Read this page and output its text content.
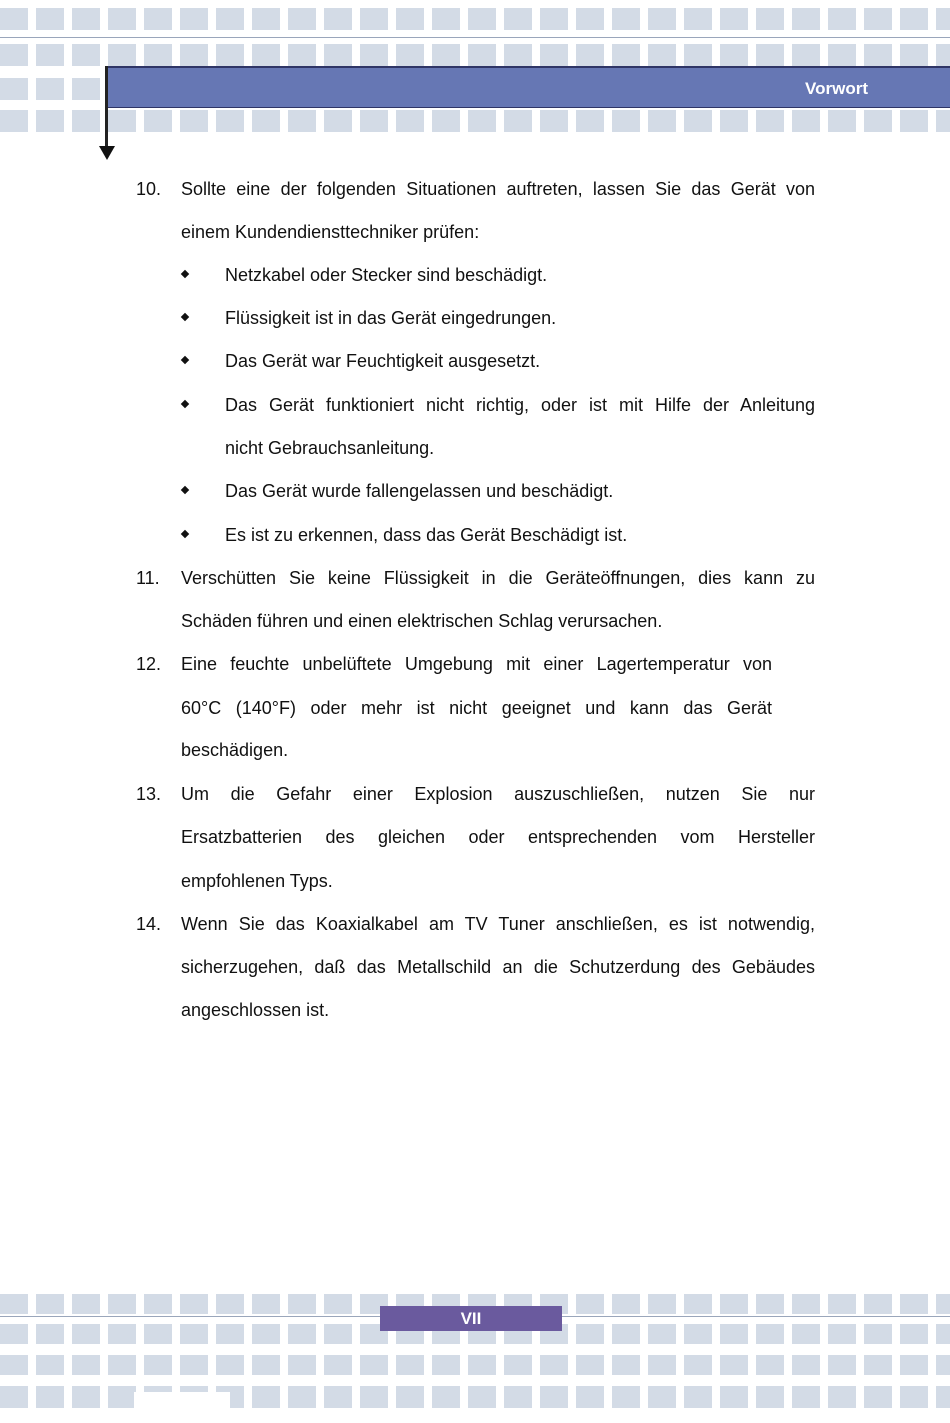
Vorwort
10. Sollte eine der folgenden Situationen auftreten, lassen Sie das Gerät von
einem Kundendiensttechniker prüfen:
Netzkabel oder Stecker sind beschädigt.
Flüssigkeit ist in das Gerät eingedrungen.
Das Gerät war Feuchtigkeit ausgesetzt.
Das Gerät funktioniert nicht richtig, oder ist mit Hilfe der Anleitung
nicht Gebrauchsanleitung.
Das Gerät wurde fallengelassen und beschädigt.
Es ist zu erkennen, dass das Gerät Beschädigt ist.
11. Verschütten Sie keine Flüssigkeit in die Geräteöffnungen, dies kann zu
Schäden führen und einen elektrischen Schlag verursachen.
12. Eine feuchte unbelüftete Umgebung mit einer Lagertemperatur von
60°C (140°F) oder mehr ist nicht geeignet und kann das Gerät
beschädigen.
13. Um die Gefahr einer Explosion auszuschließen, nutzen Sie nur
Ersatzbatterien des gleichen oder entsprechenden vom Hersteller
empfohlenen Typs.
14. Wenn Sie das Koaxialkabel am TV Tuner anschließen, es ist notwendig,
sicherzugehen, daß das Metallschild an die Schutzerdung des Gebäudes
angeschlossen ist.
VII
